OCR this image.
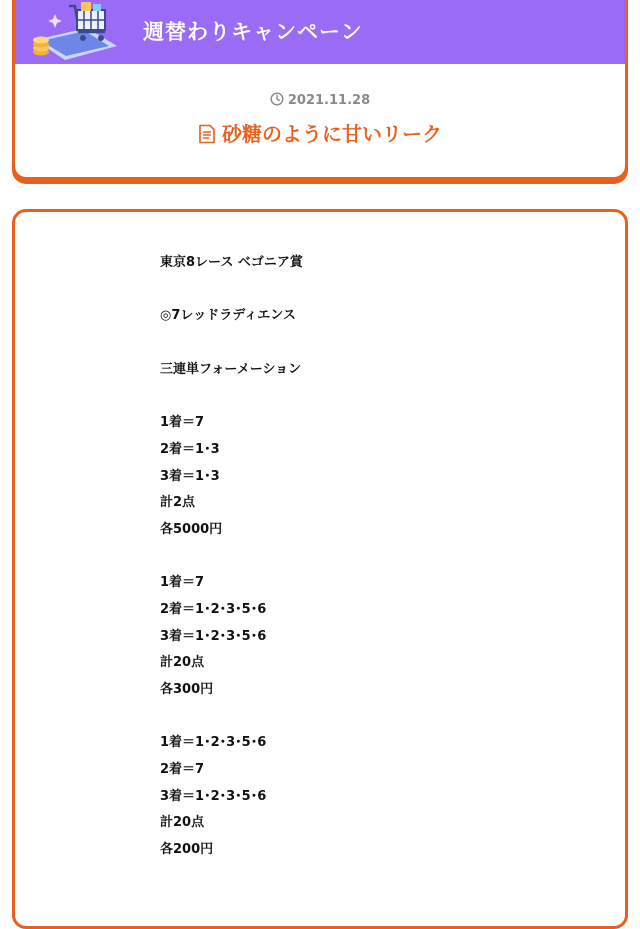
週替わりキャンペーン
2021.11.28
砂糖のように甘いリーク
東京8レース ベゴニア賞
◎7レッドラディエンス
三連単フォーメーション
1着＝7
2着＝1･3
3着＝1･3
計2点
各5000円
1着＝7
2着＝1･2･3･5･6
3着＝1･2･3･5･6
計20点
各300円
1着＝1･2･3･5･6
2着＝7
3着＝1･2･3･5･6
計20点
各200円
